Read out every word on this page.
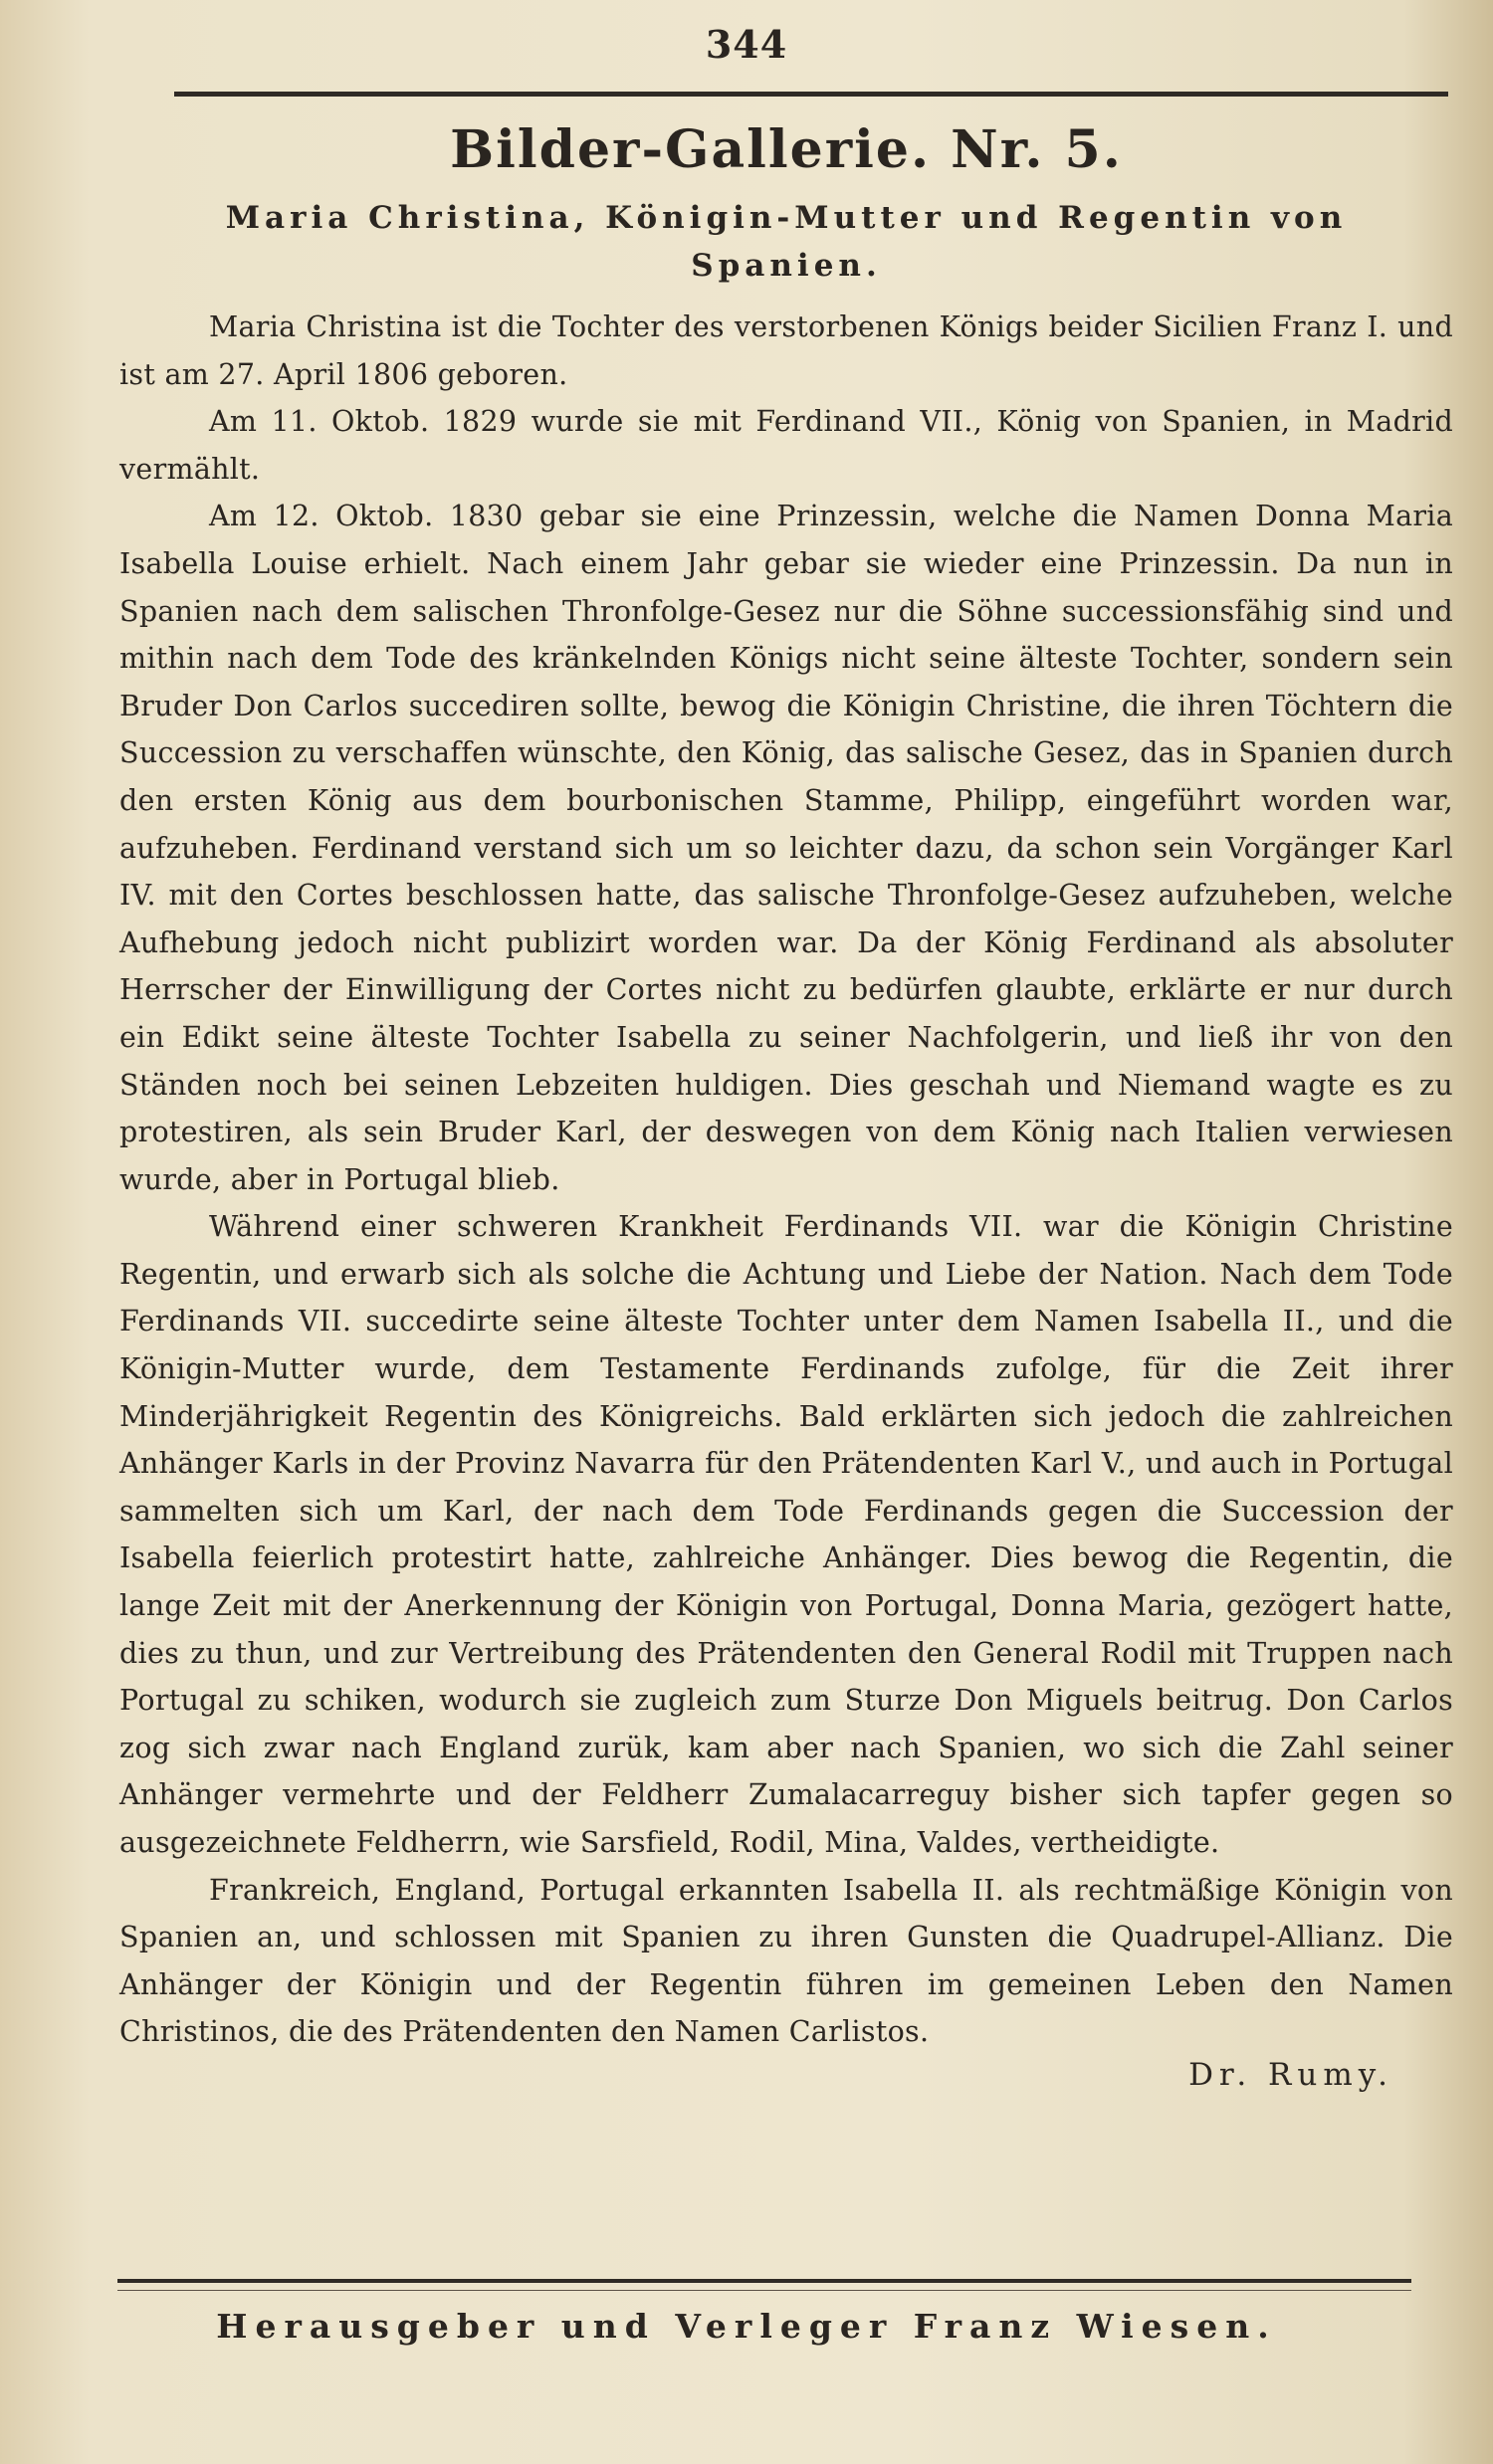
344
Bilder-Gallerie. Nr. 5.
Maria Christina, Königin-Mutter und Regentin von Spanien.

Maria Christina ist die Tochter des verstorbenen Königs beider Sicilien Franz I. und ist am 27. April 1806 geboren.

Am 11. Oktob. 1829 wurde sie mit Ferdinand VII., König von Spanien, in Madrid vermählt.

Am 12. Oktob. 1830 gebar sie eine Prinzessin, welche die Namen Donna Maria Isabella Louise erhielt. Nach einem Jahr gebar sie wieder eine Prinzessin. Da nun in Spanien nach dem salischen Thronfolge-Gesez nur die Söhne successionsfähig sind und mithin nach dem Tode des kränkelnden Königs nicht seine älteste Tochter, sondern sein Bruder Don Carlos succediren sollte, bewog die Königin Christine, die ihren Töchtern die Succession zu verschaffen wünschte, den König, das salische Gesez, das in Spanien durch den ersten König aus dem bourbonischen Stamme, Philipp, eingeführt worden war, aufzuheben. Ferdinand verstand sich um so leichter dazu, da schon sein Vorgänger Karl IV. mit den Cortes beschlossen hatte, das salische Thronfolge-Gesez aufzuheben, welche Aufhebung jedoch nicht publizirt worden war. Da der König Ferdinand als absoluter Herrscher der Einwilligung der Cortes nicht zu bedürfen glaubte, erklärte er nur durch ein Edikt seine älteste Tochter Isabella zu seiner Nachfolgerin, und ließ ihr von den Ständen noch bei seinen Lebzeiten huldigen. Dies geschah und Niemand wagte es zu protestiren, als sein Bruder Karl, der deswegen von dem König nach Italien verwiesen wurde, aber in Portugal blieb.

Während einer schweren Krankheit Ferdinands VII. war die Königin Christine Regentin, und erwarb sich als solche die Achtung und Liebe der Nation. Nach dem Tode Ferdinands VII. succedirte seine älteste Tochter unter dem Namen Isabella II., und die Königin-Mutter wurde, dem Testamente Ferdinands zufolge, für die Zeit ihrer Minderjährigkeit Regentin des Königreichs. Bald erklärten sich jedoch die zahlreichen Anhänger Karls in der Provinz Navarra für den Prätendenten Karl V., und auch in Portugal sammelten sich um Karl, der nach dem Tode Ferdinands gegen die Succession der Isabella feierlich protestirt hatte, zahlreiche Anhänger. Dies bewog die Regentin, die lange Zeit mit der Anerkennung der Königin von Portugal, Donna Maria, gezögert hatte, dies zu thun, und zur Vertreibung des Prätendenten den General Rodil mit Truppen nach Portugal zu schiken, wodurch sie zugleich zum Sturze Don Miguels beitrug. Don Carlos zog sich zwar nach England zurük, kam aber nach Spanien, wo sich die Zahl seiner Anhänger vermehrte und der Feldherr Zumalacarreguy bisher sich tapfer gegen so ausgezeichnete Feldherrn, wie Sarsfield, Rodil, Mina, Valdes, vertheidigte.

Frankreich, England, Portugal erkannten Isabella II. als rechtmäßige Königin von Spanien an, und schlossen mit Spanien zu ihren Gunsten die Quadrupel-Allianz. Die Anhänger der Königin und der Regentin führen im gemeinen Leben den Namen Christinos, die des Prätendenten den Namen Carlistos.

Dr. Rumy.
Herausgeber und Verleger Franz Wiesen.
